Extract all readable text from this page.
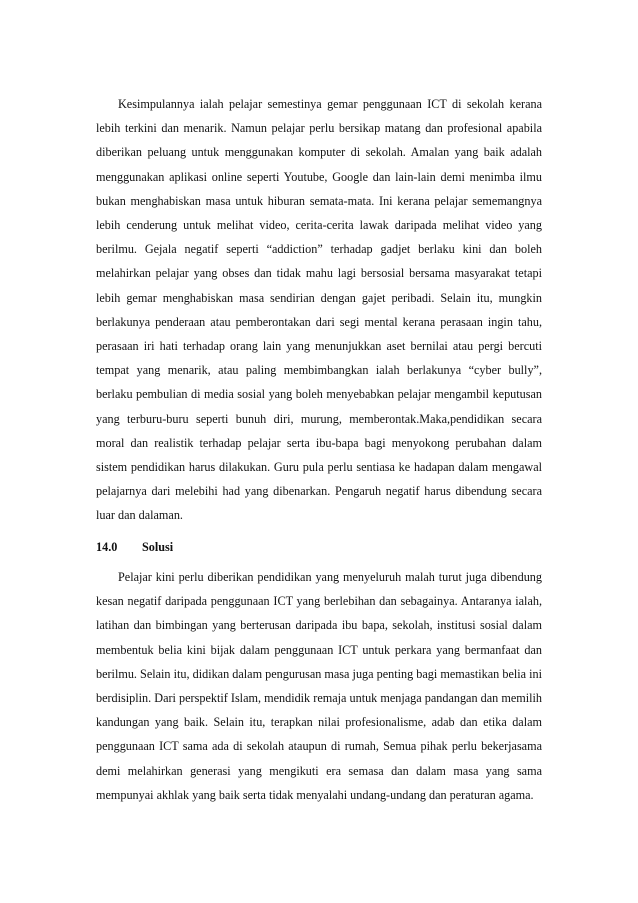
Kesimpulannya ialah pelajar semestinya gemar penggunaan ICT di sekolah kerana lebih terkini dan menarik. Namun pelajar perlu bersikap matang dan profesional apabila diberikan peluang untuk menggunakan komputer di sekolah. Amalan yang baik adalah menggunakan aplikasi online seperti Youtube, Google dan lain-lain demi menimba ilmu bukan menghabiskan masa untuk hiburan semata-mata. Ini kerana pelajar sememangnya lebih cenderung untuk melihat video, cerita-cerita lawak daripada melihat video yang berilmu. Gejala negatif seperti “addiction” terhadap gadjet berlaku kini dan boleh melahirkan pelajar yang obses dan tidak mahu lagi bersosial bersama masyarakat tetapi lebih gemar menghabiskan masa sendirian dengan gajet peribadi. Selain itu, mungkin berlakunya penderaan atau pemberontakan dari segi mental kerana perasaan ingin tahu, perasaan iri hati terhadap orang lain yang menunjukkan aset bernilai atau pergi bercuti tempat yang menarik, atau paling membimbangkan ialah berlakunya “cyber bully”, berlaku pembulian di media sosial yang boleh menyebabkan pelajar mengambil keputusan yang terburu-buru seperti bunuh diri, murung, memberontak.Maka,pendidikan secara moral dan realistik terhadap pelajar serta ibu-bapa bagi menyokong perubahan dalam sistem pendidikan harus dilakukan. Guru pula perlu sentiasa ke hadapan dalam mengawal pelajarnya dari melebihi had yang dibenarkan. Pengaruh negatif harus dibendung secara luar dan dalaman.

14.0 Solusi

Pelajar kini perlu diberikan pendidikan yang menyeluruh malah turut juga dibendung kesan negatif daripada penggunaan ICT yang berlebihan dan sebagainya. Antaranya ialah, latihan dan bimbingan yang berterusan daripada ibu bapa, sekolah, institusi sosial dalam membentuk belia kini bijak dalam penggunaan ICT untuk perkara yang bermanfaat dan berilmu. Selain itu, didikan dalam pengurusan masa juga penting bagi memastikan belia ini berdisiplin. Dari perspektif Islam, mendidik remaja untuk menjaga pandangan dan memilih kandungan yang baik. Selain itu, terapkan nilai profesionalisme, adab dan etika dalam penggunaan ICT sama ada di sekolah ataupun di rumah, Semua pihak perlu bekerjasama demi melahirkan generasi yang mengikuti era semasa dan dalam masa yang sama mempunyai akhlak yang baik serta tidak menyalahi undang-undang dan peraturan agama.
